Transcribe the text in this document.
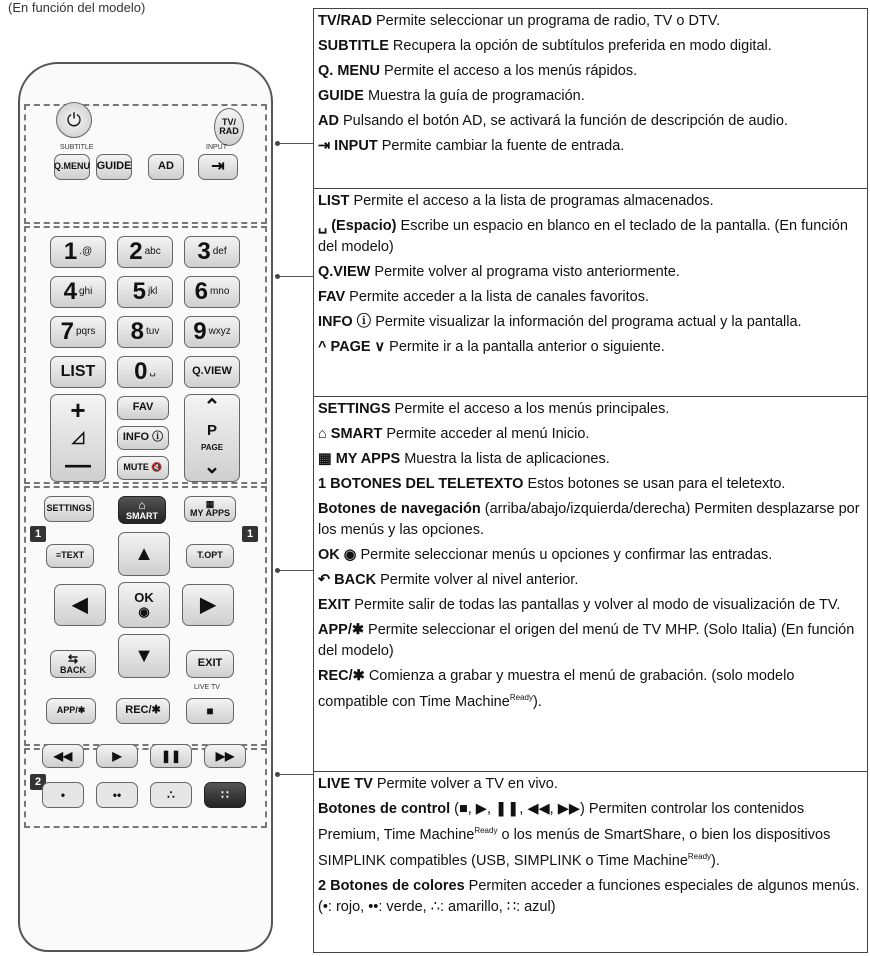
(En función del modelo)
⏻	TV/
RAD
SUBTITLE	INPUT
Q.MENU GUIDE	AD	⇥
1 .@ 2 abc 3 def
4 ghi 5 jkl 6 mno
7 pqrs 8 tuv 9 wxyz
LIST	0 ␣	Q.VIEW
+
◿
—
FAV
INFO ⓘ
MUTE 🔇
⌃
P
PAGE
⌄
SETTINGS	⌂
SMART
▦
MY APPS
1	1
≡TEXT	T.OPT
▲
◀	OK
◉	▶
▼
⇆
BACK
EXIT
LIVE TV
APP/✱	REC/✱	■
◀◀	▶	❚❚	▶▶
2
•	••	∴	∷

TV/RAD Permite seleccionar un programa de radio, TV o DTV.

SUBTITLE Recupera la opción de subtítulos preferida en modo digital.

Q. MENU Permite el acceso a los menús rápidos.

GUIDE Muestra la guía de programación.

AD Pulsando el botón AD, se activará la función de descripción de audio.

⇥ INPUT Permite cambiar la fuente de entrada.

LIST Permite el acceso a la lista de programas almacenados.

␣ (Espacio) Escribe un espacio en blanco en el teclado de la pantalla. (En función del modelo)

Q.VIEW Permite volver al programa visto anteriormente.

FAV Permite acceder a la lista de canales favoritos.

INFO ⓘ Permite visualizar la información del programa actual y la pantalla.

^ PAGE ∨ Permite ir a la pantalla anterior o siguiente.

SETTINGS Permite el acceso a los menús principales.

⌂ SMART Permite acceder al menú Inicio.

▦ MY APPS Muestra la lista de aplicaciones.

1 BOTONES DEL TELETEXTO Estos botones se usan para el teletexto.

Botones de navegación (arriba/abajo/izquierda/derecha) Permiten desplazarse por los menús y las opciones.

OK ◉ Permite seleccionar menús u opciones y confirmar las entradas.

↶ BACK Permite volver al nivel anterior.

EXIT Permite salir de todas las pantallas y volver al modo de visualización de TV.

APP/✱ Permite seleccionar el origen del menú de TV MHP. (Solo Italia) (En función del modelo)

REC/✱ Comienza a grabar y muestra el menú de grabación. (solo modelo compatible con Time Machine$^{Ready}$).

LIVE TV Permite volver a TV en vivo.

Botones de control (■, ▶, ❚❚, ◀◀, ▶▶) Permiten controlar los contenidos Premium, Time Machine$^{Ready}$ o los menús de SmartShare, o bien los dispositivos SIMPLINK compatibles (USB, SIMPLINK o Time Machine$^{Ready}$).

2 Botones de colores Permiten acceder a funciones especiales de algunos menús. (•: rojo, ••: verde, ∴: amarillo, ∷: azul)
